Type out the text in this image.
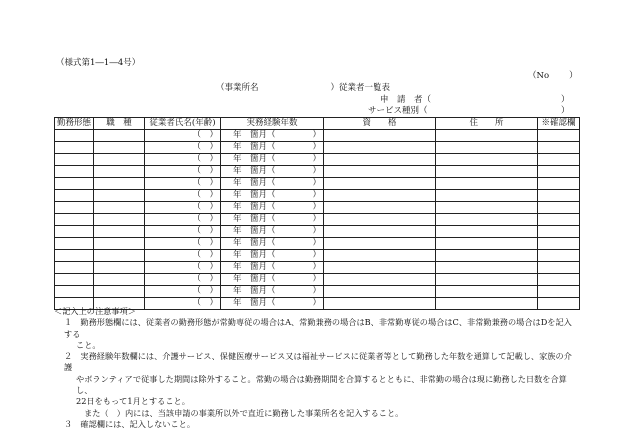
（様式第1―1―4号）
（No ）
（事業所名	）従業者一覧表
申　請　者（	）
サービス種別（	）
勤務形態	職　種	従業者氏名(年齢)	実務経験年数	資　　格	住　　所	※確認欄
		（　）	年　箇月（ ）			

		（　）	年　箇月（ ）			

		（　）	年　箇月（ ）			

		（　）	年　箇月（ ）			

		（　）	年　箇月（ ）			

		（　）	年　箇月（ ）			

		（　）	年　箇月（ ）			

		（　）	年　箇月（ ）			

		（　）	年　箇月（ ）			

		（　）	年　箇月（ ）			

		（　）	年　箇月（ ）			

		（　）	年　箇月（ ）			

		（　）	年　箇月（ ）			

		（　）	年　箇月（ ）			

		（　）	年　箇月（ ）			

＜記入上の注意事項＞

１　勤務形態欄には、従業者の勤務形態が常勤専従の場合はA、常勤兼務の場合はB、非常勤専従の場合はC、非常勤兼務の場合はDを記入する

こと。

２　実務経験年数欄には、介護サービス、保健医療サービス又は福祉サービスに従業者等として勤務した年数を通算して記載し、家族の介護

やボランティアで従事した期間は除外すること。常勤の場合は勤務期間を合算するとともに、非常勤の場合は現に勤務した日数を合算し、

22日をもって1月とすること。

また（　）内には、当該申請の事業所以外で直近に勤務した事業所名を記入すること。

３　確認欄には、記入しないこと。
